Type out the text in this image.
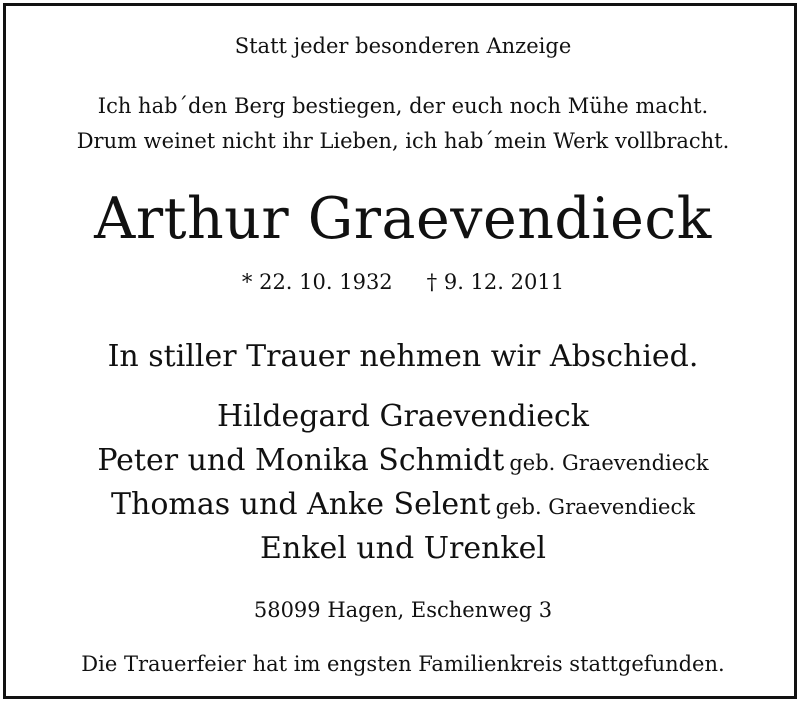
Statt jeder besonderen Anzeige
Ich hab´den Berg bestiegen, der euch noch Mühe macht.
Drum weinet nicht ihr Lieben, ich hab´mein Werk vollbracht.
Arthur Graevendieck
* 22. 10. 1932 † 9. 12. 2011
In stiller Trauer nehmen wir Abschied.
Hildegard Graevendieck
Peter und Monika Schmidt geb. Graevendieck
Thomas und Anke Selent geb. Graevendieck
Enkel und Urenkel
58099 Hagen, Eschenweg 3
Die Trauerfeier hat im engsten Familienkreis stattgefunden.
